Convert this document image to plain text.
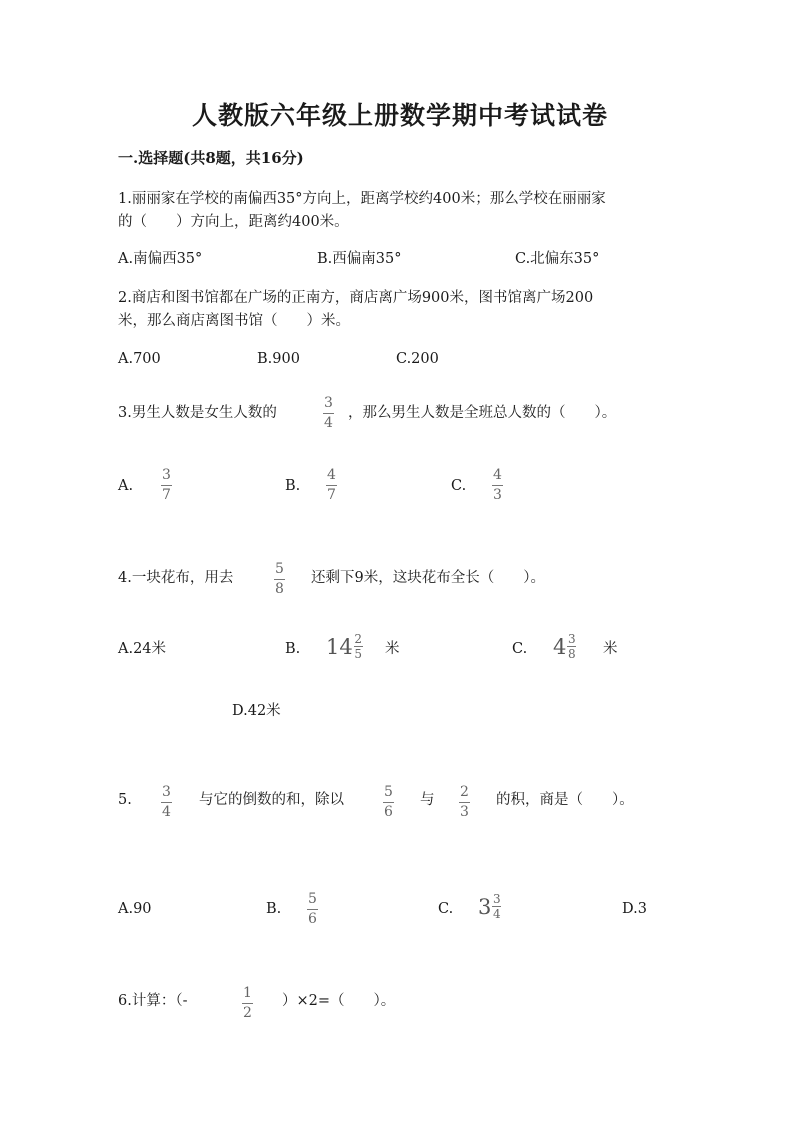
人教版六年级上册数学期中考试试卷
一.选择题(共8题，共16分)
1.丽丽家在学校的南偏西35°方向上，距离学校约400米；那么学校在丽丽家
的（　　）方向上，距离约400米。
A.南偏西35°	B.西偏南35°	C.北偏东35°
2.商店和图书馆都在广场的正南方，商店离广场900米，图书馆离广场200
米，那么商店离图书馆（　　）米。
A.700	B.900	C.200
3.男生人数是女生人数的
3
4
，那么男生人数是全班总人数的（　　）。
A.
3
7
B.
4
7
C.
4
3
4.一块花布，用去
5
8
还剩下9米，这块花布全长（　　）。
A.24米	B. $14 \frac{2}{5}$ 米	C. $4 \frac{3}{8}$ 米
D.42米
5. 3
4
与它的倒数的和，除以	5
6
与 2
3
的积，商是（　　）。
A.90	B.
5
6
C. $3 \frac{3}{4}$	D.3
6.计算：（-	1
2
）×2=（　　）。
